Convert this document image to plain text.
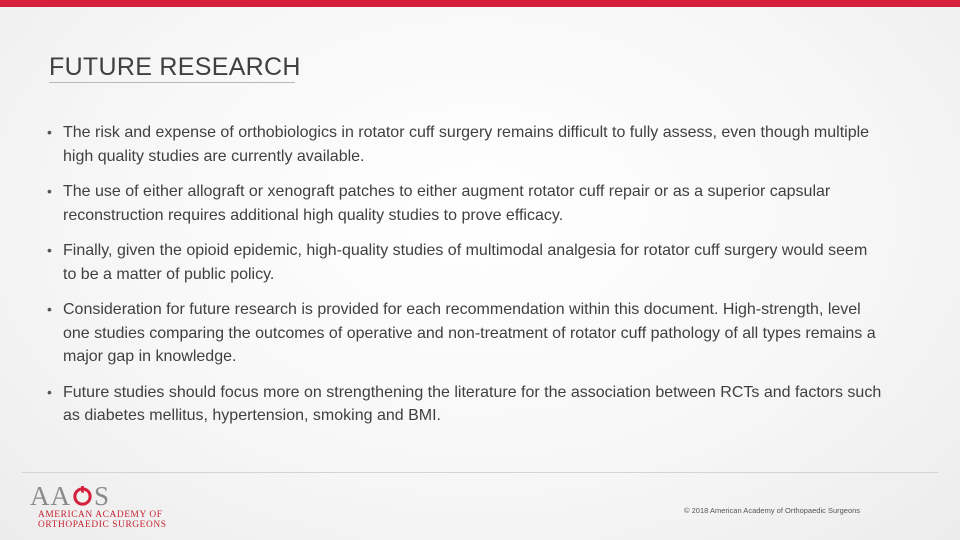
FUTURE RESEARCH
• The risk and expense of orthobiologics in rotator cuff surgery remains difficult to fully assess, even though multiple high quality studies are currently available.
• The use of either allograft or xenograft patches to either augment rotator cuff repair or as a superior capsular reconstruction requires additional high quality studies to prove efficacy.
• Finally, given the opioid epidemic, high-quality studies of multimodal analgesia for rotator cuff surgery would seem to be a matter of public policy.
• Consideration for future research is provided for each recommendation within this document. High-strength, level one studies comparing the outcomes of operative and non-treatment of rotator cuff pathology of all types remains a major gap in knowledge.
• Future studies should focus more on strengthening the literature for the association between RCTs and factors such as diabetes mellitus, hypertension, smoking and BMI.
AA S
AMERICAN ACADEMY OF
ORTHOPAEDIC SURGEONS
© 2018 American Academy of Orthopaedic Surgeons
